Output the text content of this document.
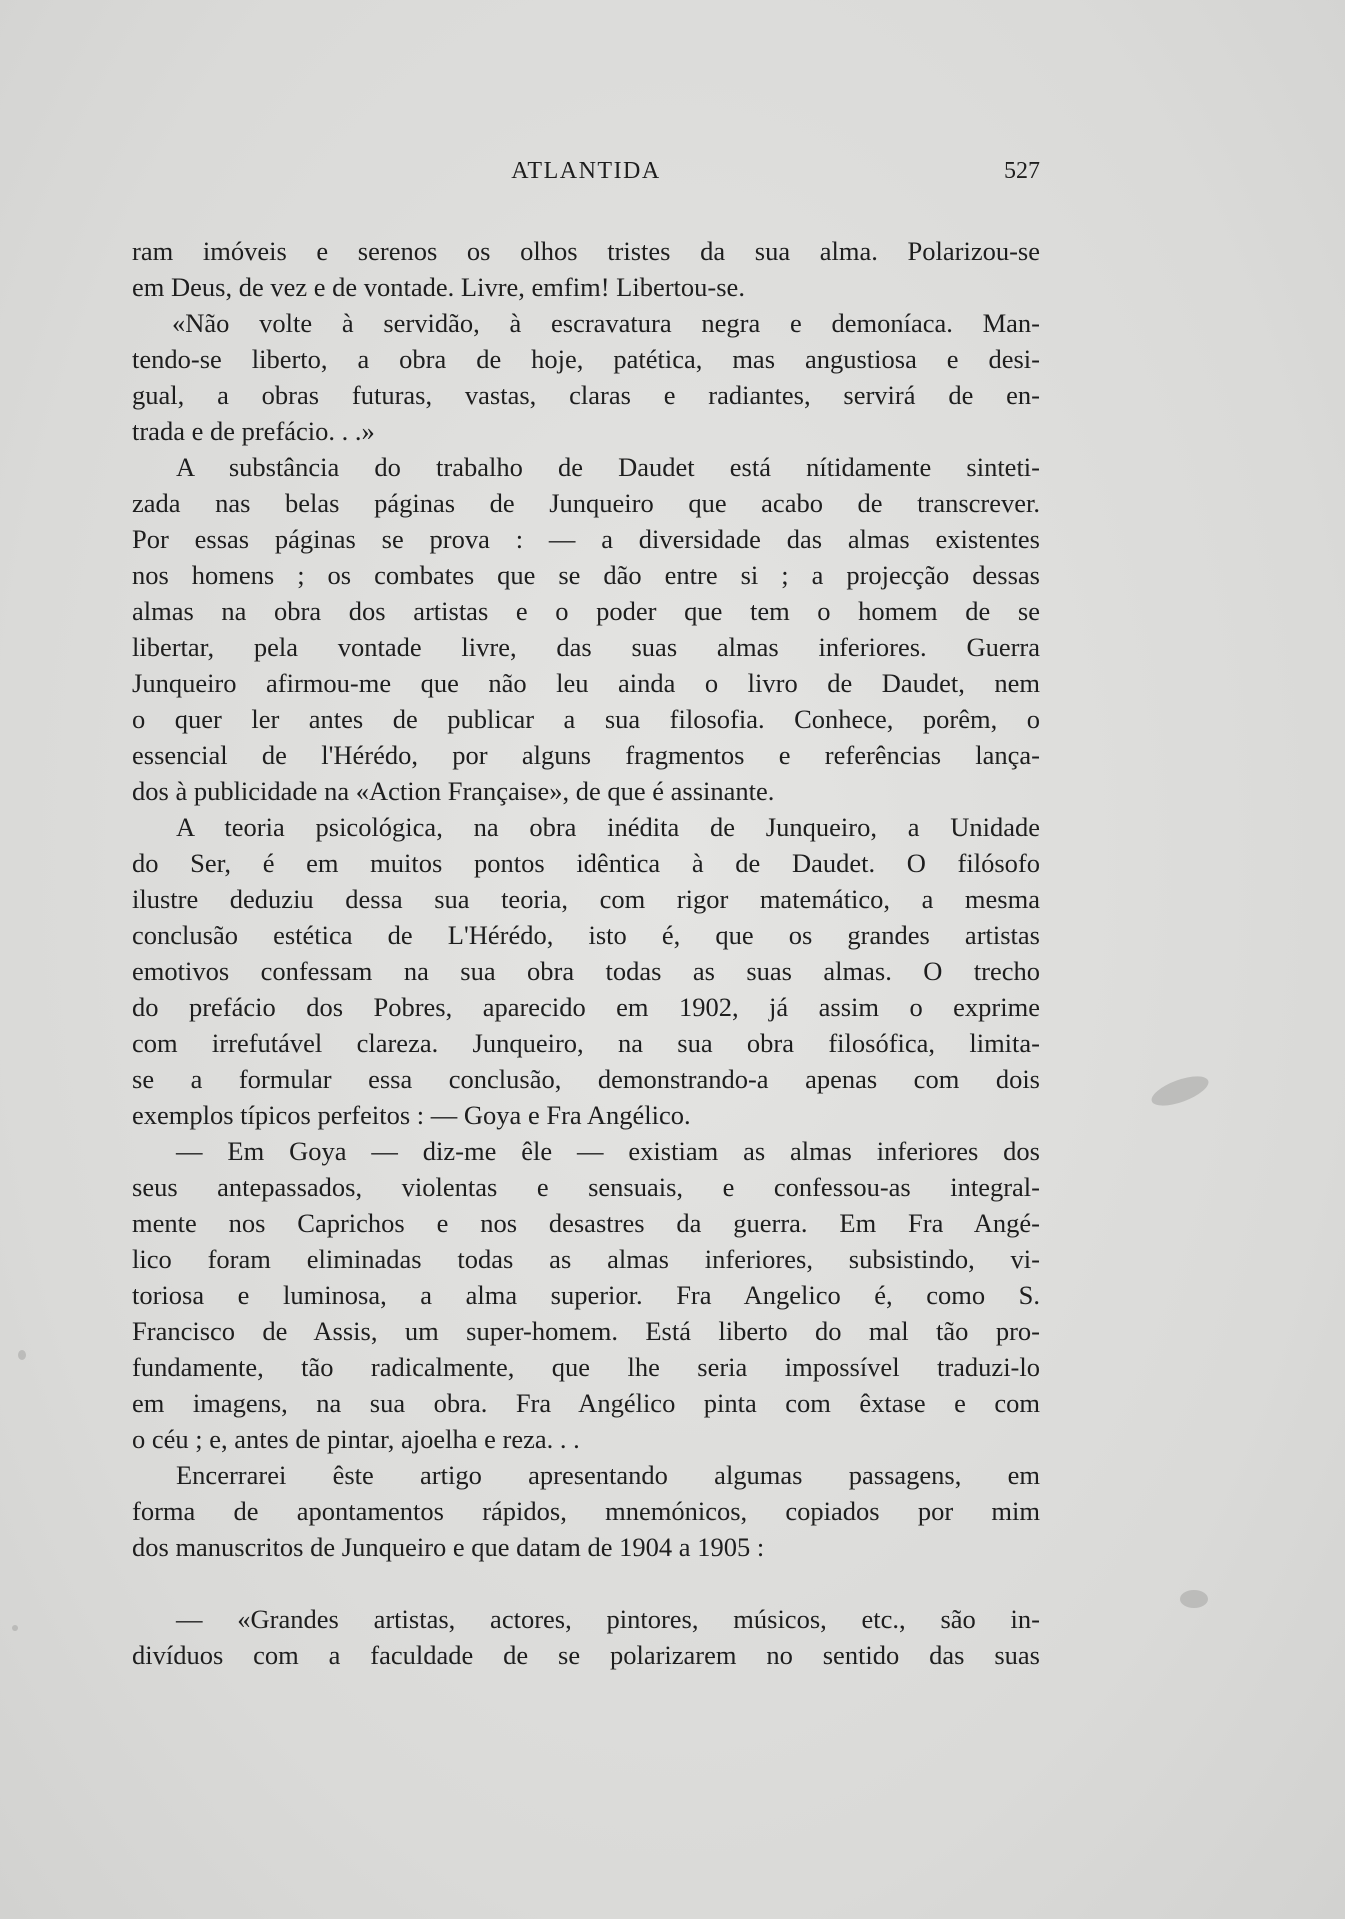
ATLANTIDA	527
ram imóveis e serenos os olhos tristes da sua alma. Polarizou-se
em Deus, de vez e de vontade. Livre, emfim! Libertou-se.
«Não volte à servidão, à escravatura negra e demoníaca. Man-
tendo-se liberto, a obra de hoje, patética, mas angustiosa e desi-
gual, a obras futuras, vastas, claras e radiantes, servirá de en-
trada e de prefácio. . .»
A substância do trabalho de Daudet está nítidamente sinteti-
zada nas belas páginas de Junqueiro que acabo de transcrever.
Por essas páginas se prova : — a diversidade das almas existentes
nos homens ; os combates que se dão entre si ; a projecção dessas
almas na obra dos artistas e o poder que tem o homem de se
libertar, pela vontade livre, das suas almas inferiores. Guerra
Junqueiro afirmou-me que não leu ainda o livro de Daudet, nem
o quer ler antes de publicar a sua filosofia. Conhece, porêm, o
essencial de l'Hérédo, por alguns fragmentos e referências lança-
dos à publicidade na «Action Française», de que é assinante.
A teoria psicológica, na obra inédita de Junqueiro, a Unidade
do Ser, é em muitos pontos idêntica à de Daudet. O filósofo
ilustre deduziu dessa sua teoria, com rigor matemático, a mesma
conclusão estética de L'Hérédo, isto é, que os grandes artistas
emotivos confessam na sua obra todas as suas almas. O trecho
do prefácio dos Pobres, aparecido em 1902, já assim o exprime
com irrefutável clareza. Junqueiro, na sua obra filosófica, limita-
se a formular essa conclusão, demonstrando-a apenas com dois
exemplos típicos perfeitos : — Goya e Fra Angélico.
— Em Goya — diz-me êle — existiam as almas inferiores dos
seus antepassados, violentas e sensuais, e confessou-as integral-
mente nos Caprichos e nos desastres da guerra. Em Fra Angé-
lico foram eliminadas todas as almas inferiores, subsistindo, vi-
toriosa e luminosa, a alma superior. Fra Angelico é, como S.
Francisco de Assis, um super-homem. Está liberto do mal tão pro-
fundamente, tão radicalmente, que lhe seria impossível traduzi-lo
em imagens, na sua obra. Fra Angélico pinta com êxtase e com
o céu ; e, antes de pintar, ajoelha e reza. . .
Encerrarei êste artigo apresentando algumas passagens, em
forma de apontamentos rápidos, mnemónicos, copiados por mim
dos manuscritos de Junqueiro e que datam de 1904 a 1905 :
— «Grandes artistas, actores, pintores, músicos, etc., são in-
divíduos com a faculdade de se polarizarem no sentido das suas
